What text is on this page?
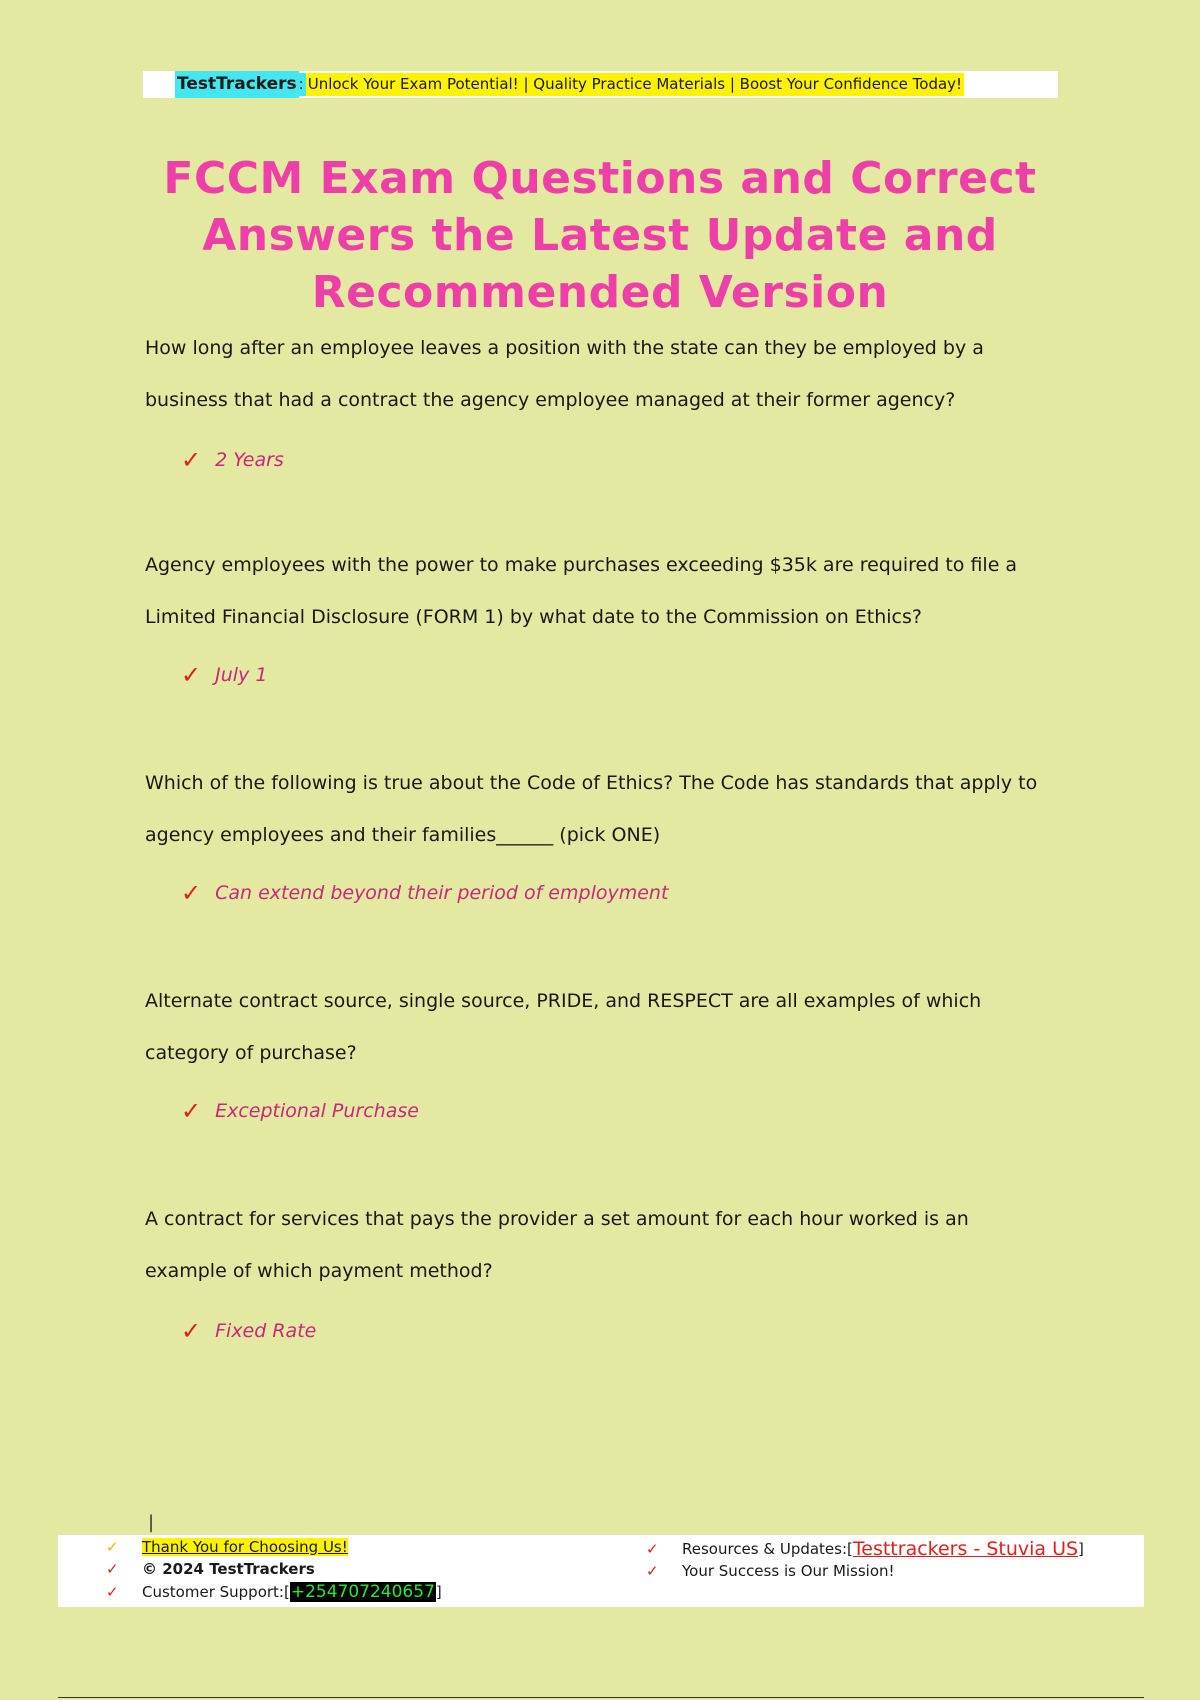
TestTrackers : Unlock Your Exam Potential! | Quality Practice Materials | Boost Your Confidence Today!
FCCM Exam Questions and Correct Answers the Latest Update and Recommended Version

How long after an employee leaves a position with the state can they be employed by a

business that had a contract the agency employee managed at their former agency?

✓ 2 Years

Agency employees with the power to make purchases exceeding $35k are required to file a

Limited Financial Disclosure (FORM 1) by what date to the Commission on Ethics?

✓ July 1

Which of the following is true about the Code of Ethics? The Code has standards that apply to

agency employees and their families______ (pick ONE)

✓ Can extend beyond their period of employment

Alternate contract source, single source, PRIDE, and RESPECT are all examples of which

category of purchase?

✓ Exceptional Purchase

A contract for services that pays the provider a set amount for each hour worked is an

example of which payment method?

✓ Fixed Rate
|
✓	Thank You for Choosing Us!
✓	© 2024 TestTrackers
✓	Customer Support: [ +254707240657 ]
✓	Resources & Updates: [ Testtrackers - Stuvia US ]
✓	Your Success is Our Mission!
